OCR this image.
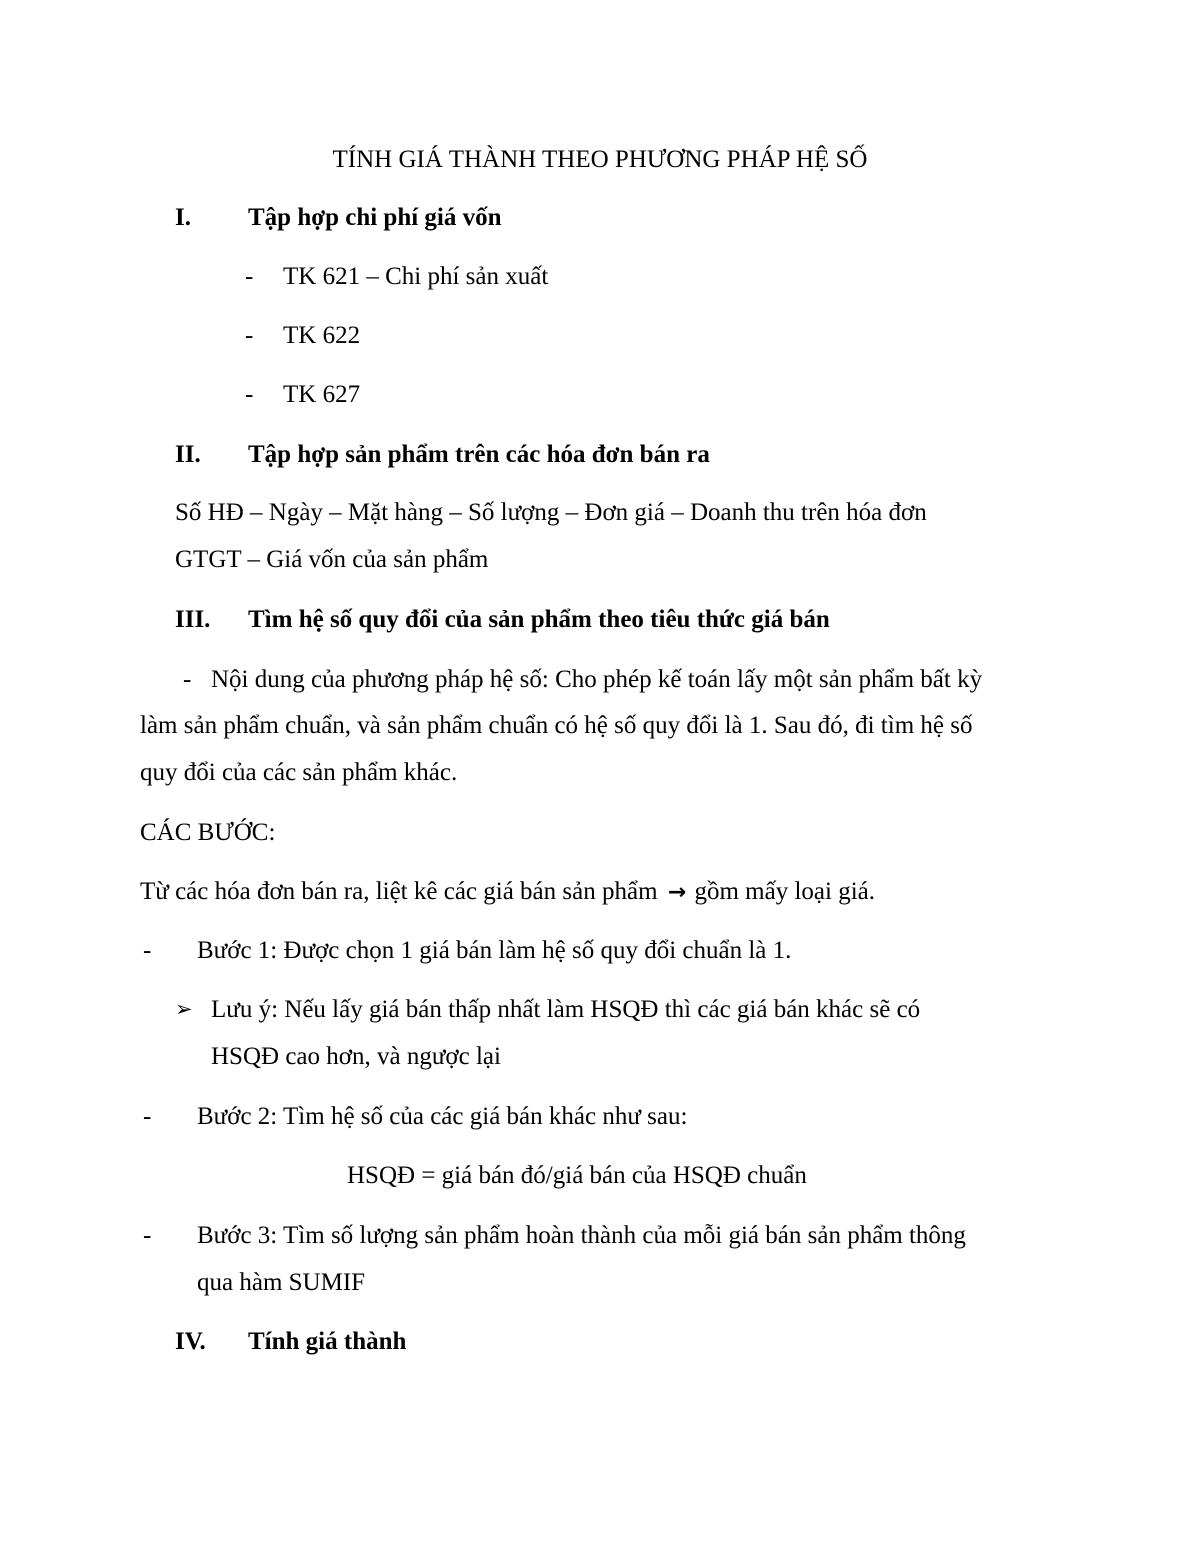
TÍNH GIÁ THÀNH THEO PHƯƠNG PHÁP HỆ SỐ
I. Tập hợp chi phí giá vốn
- TK 621 – Chi phí sản xuất
- TK 622
- TK 627
II. Tập hợp sản phẩm trên các hóa đơn bán ra
Số HĐ – Ngày – Mặt hàng – Số lượng – Đơn giá – Doanh thu trên hóa đơn
GTGT – Giá vốn của sản phẩm
III. Tìm hệ số quy đổi của sản phẩm theo tiêu thức giá bán
- Nội dung của phương pháp hệ số: Cho phép kế toán lấy một sản phẩm bất kỳ
làm sản phẩm chuẩn, và sản phẩm chuẩn có hệ số quy đổi là 1. Sau đó, đi tìm hệ số
quy đổi của các sản phẩm khác.
CÁC BƯỚC:
Từ các hóa đơn bán ra, liệt kê các giá bán sản phẩm → gồm mấy loại giá.
- Bước 1: Được chọn 1 giá bán làm hệ số quy đổi chuẩn là 1.
➢ Lưu ý: Nếu lấy giá bán thấp nhất làm HSQĐ thì các giá bán khác sẽ có
HSQĐ cao hơn, và ngược lại
- Bước 2: Tìm hệ số của các giá bán khác như sau:
HSQĐ = giá bán đó/giá bán của HSQĐ chuẩn
- Bước 3: Tìm số lượng sản phẩm hoàn thành của mỗi giá bán sản phẩm thông
qua hàm SUMIF
IV. Tính giá thành
